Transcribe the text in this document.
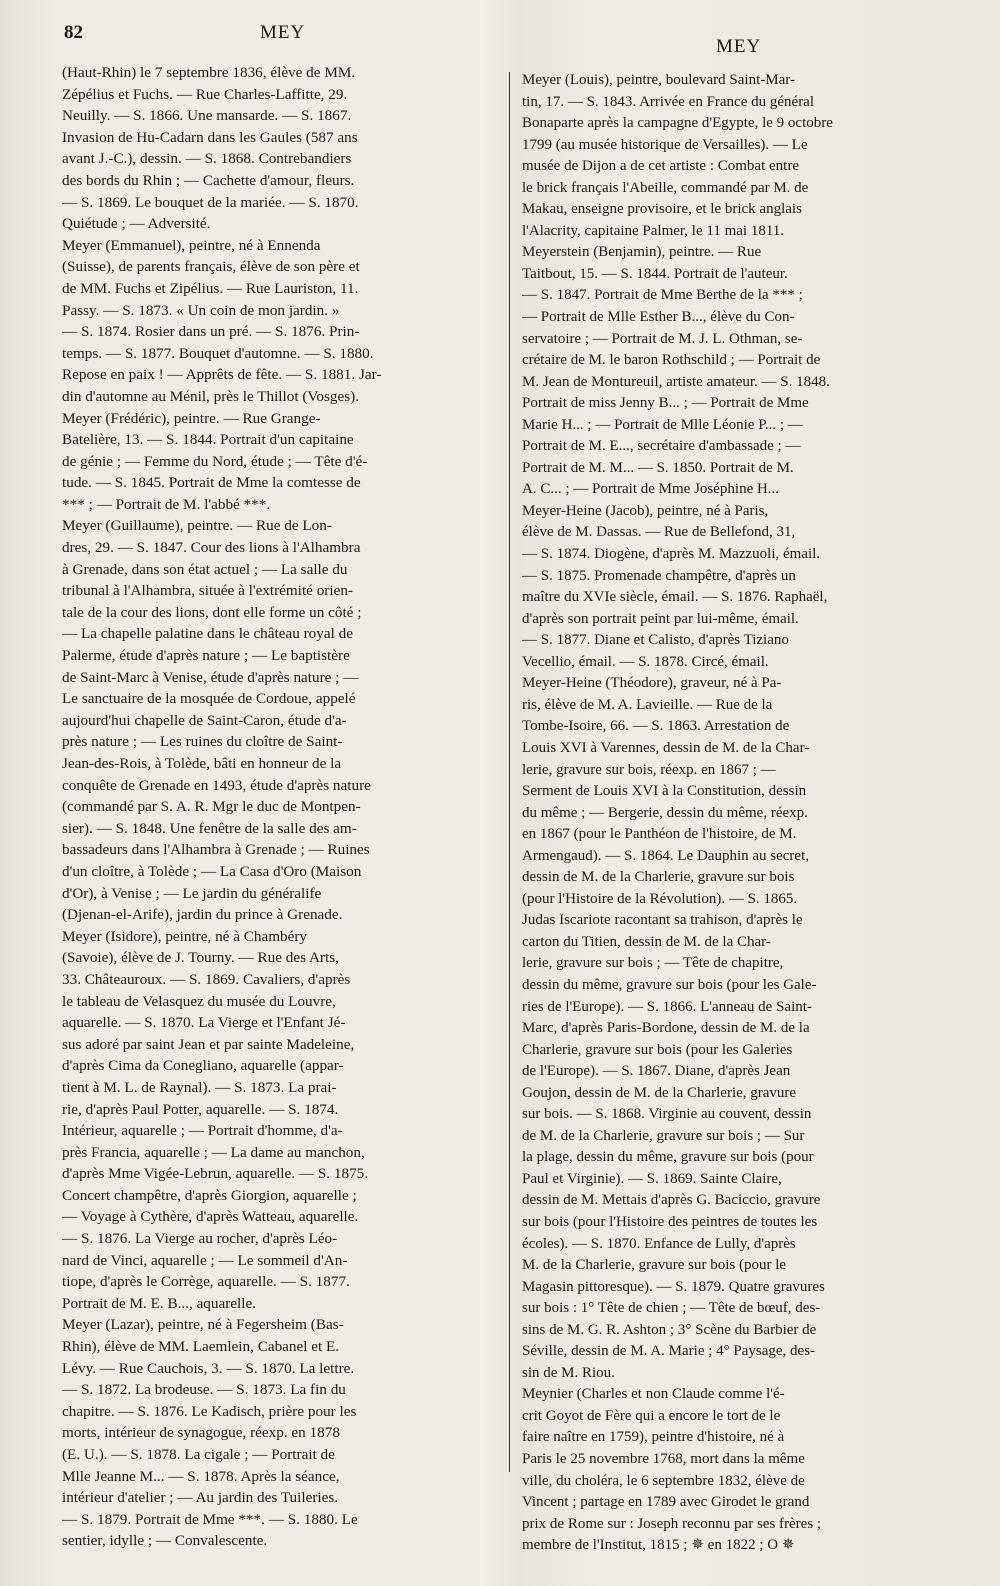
82	MEY
MEY
(Haut-Rhin) le 7 septembre 1836, élève de MM.
Zépélius et Fuchs. — Rue Charles-Laffitte, 29.
Neuilly. — S. 1866. Une mansarde. — S. 1867.
Invasion de Hu-Cadarn dans les Gaules (587 ans
avant J.-C.), dessin. — S. 1868. Contrebandiers
des bords du Rhin ; — Cachette d'amour, fleurs.
— S. 1869. Le bouquet de la mariée. — S. 1870.
Quiétude ; — Adversité.
Meyer (Emmanuel), peintre, né à Ennenda
(Suisse), de parents français, élève de son père et
de MM. Fuchs et Zipélius. — Rue Lauriston, 11.
Passy. — S. 1873. « Un coin de mon jardin. »
— S. 1874. Rosier dans un pré. — S. 1876. Prin-
temps. — S. 1877. Bouquet d'automne. — S. 1880.
Repose en paix ! — Apprêts de fête. — S. 1881. Jar-
din d'automne au Ménil, près le Thillot (Vosges).
Meyer (Frédéric), peintre. — Rue Grange-
Batelière, 13. — S. 1844. Portrait d'un capitaine
de génie ; — Femme du Nord, étude ; — Tête d'é-
tude. — S. 1845. Portrait de Mme la comtesse de
*** ; — Portrait de M. l'abbé ***.
Meyer (Guillaume), peintre. — Rue de Lon-
dres, 29. — S. 1847. Cour des lions à l'Alhambra
à Grenade, dans son état actuel ; — La salle du
tribunal à l'Alhambra, située à l'extrémité orien-
tale de la cour des lions, dont elle forme un côté ;
— La chapelle palatine dans le château royal de
Palerme, étude d'après nature ; — Le baptistère
de Saint-Marc à Venise, étude d'après nature ; —
Le sanctuaire de la mosquée de Cordoue, appelé
aujourd'hui chapelle de Saint-Caron, étude d'a-
près nature ; — Les ruines du cloître de Saint-
Jean-des-Rois, à Tolède, bâti en honneur de la
conquête de Grenade en 1493, étude d'après nature
(commandé par S. A. R. Mgr le duc de Montpen-
sier). — S. 1848. Une fenêtre de la salle des am-
bassadeurs dans l'Alhambra à Grenade ; — Ruines
d'un cloître, à Tolède ; — La Casa d'Oro (Maison
d'Or), à Venise ; — Le jardin du généralife
(Djenan-el-Arife), jardin du prince à Grenade.
Meyer (Isidore), peintre, né à Chambéry
(Savoie), élève de J. Tourny. — Rue des Arts,
33. Châteauroux. — S. 1869. Cavaliers, d'après
le tableau de Velasquez du musée du Louvre,
aquarelle. — S. 1870. La Vierge et l'Enfant Jé-
sus adoré par saint Jean et par sainte Madeleine,
d'après Cima da Conegliano, aquarelle (appar-
tient à M. L. de Raynal). — S. 1873. La prai-
rie, d'après Paul Potter, aquarelle. — S. 1874.
Intérieur, aquarelle ; — Portrait d'homme, d'a-
près Francia, aquarelle ; — La dame au manchon,
d'après Mme Vigée-Lebrun, aquarelle. — S. 1875.
Concert champêtre, d'après Giorgion, aquarelle ;
— Voyage à Cythère, d'après Watteau, aquarelle.
— S. 1876. La Vierge au rocher, d'après Léo-
nard de Vinci, aquarelle ; — Le sommeil d'An-
tiope, d'après le Corrège, aquarelle. — S. 1877.
Portrait de M. E. B..., aquarelle.
Meyer (Lazar), peintre, né à Fegersheim (Bas-
Rhin), élève de MM. Laemlein, Cabanel et E.
Lévy. — Rue Cauchois, 3. — S. 1870. La lettre.
— S. 1872. La brodeuse. — S. 1873. La fin du
chapitre. — S. 1876. Le Kadisch, prière pour les
morts, intérieur de synagogue, réexp. en 1878
(E. U.). — S. 1878. La cigale ; — Portrait de
Mlle Jeanne M... — S. 1878. Après la séance,
intérieur d'atelier ; — Au jardin des Tuileries.
— S. 1879. Portrait de Mme ***. — S. 1880. Le
sentier, idylle ; — Convalescente.
Meyer (Louis), peintre, boulevard Saint-Mar-
tin, 17. — S. 1843. Arrivée en France du général
Bonaparte après la campagne d'Egypte, le 9 octobre
1799 (au musée historique de Versailles). — Le
musée de Dijon a de cet artiste : Combat entre
le brick français l'Abeille, commandé par M. de
Makau, enseigne provisoire, et le brick anglais
l'Alacrity, capitaine Palmer, le 11 mai 1811.
Meyerstein (Benjamin), peintre. — Rue
Taitbout, 15. — S. 1844. Portrait de l'auteur.
— S. 1847. Portrait de Mme Berthe de la *** ;
— Portrait de Mlle Esther B..., élève du Con-
servatoire ; — Portrait de M. J. L. Othman, se-
crétaire de M. le baron Rothschild ; — Portrait de
M. Jean de Montureuil, artiste amateur. — S. 1848.
Portrait de miss Jenny B... ; — Portrait de Mme
Marie H... ; — Portrait de Mlle Léonie P... ; —
Portrait de M. E..., secrétaire d'ambassade ; —
Portrait de M. M... — S. 1850. Portrait de M.
A. C... ; — Portrait de Mme Joséphine H...
Meyer-Heine (Jacob), peintre, né à Paris,
élève de M. Dassas. — Rue de Bellefond, 31,
— S. 1874. Diogène, d'après M. Mazzuoli, émail.
— S. 1875. Promenade champêtre, d'après un
maître du XVIe siècle, émail. — S. 1876. Raphaël,
d'après son portrait peint par lui-même, émail.
— S. 1877. Diane et Calisto, d'après Tiziano
Vecellio, émail. — S. 1878. Circé, émail.
Meyer-Heine (Théodore), graveur, né à Pa-
ris, élève de M. A. Lavieille. — Rue de la
Tombe-Isoire, 66. — S. 1863. Arrestation de
Louis XVI à Varennes, dessin de M. de la Char-
lerie, gravure sur bois, réexp. en 1867 ; —
Serment de Louis XVI à la Constitution, dessin
du même ; — Bergerie, dessin du même, réexp.
en 1867 (pour le Panthéon de l'histoire, de M.
Armengaud). — S. 1864. Le Dauphin au secret,
dessin de M. de la Charlerie, gravure sur bois
(pour l'Histoire de la Révolution). — S. 1865.
Judas Iscariote racontant sa trahison, d'après le
carton du Titien, dessin de M. de la Char-
lerie, gravure sur bois ; — Tête de chapitre,
dessin du même, gravure sur bois (pour les Gale-
ries de l'Europe). — S. 1866. L'anneau de Saint-
Marc, d'après Paris-Bordone, dessin de M. de la
Charlerie, gravure sur bois (pour les Galeries
de l'Europe). — S. 1867. Diane, d'après Jean
Goujon, dessin de M. de la Charlerie, gravure
sur bois. — S. 1868. Virginie au couvent, dessin
de M. de la Charlerie, gravure sur bois ; — Sur
la plage, dessin du même, gravure sur bois (pour
Paul et Virginie). — S. 1869. Sainte Claire,
dessin de M. Mettais d'après G. Baciccio, gravure
sur bois (pour l'Histoire des peintres de toutes les
écoles). — S. 1870. Enfance de Lully, d'après
M. de la Charlerie, gravure sur bois (pour le
Magasin pittoresque). — S. 1879. Quatre gravures
sur bois : 1° Tête de chien ; — Tête de bœuf, des-
sins de M. G. R. Ashton ; 3° Scène du Barbier de
Séville, dessin de M. A. Marie ; 4° Paysage, des-
sin de M. Riou.
Meynier (Charles et non Claude comme l'é-
crit Goyot de Fère qui a encore le tort de le
faire naître en 1759), peintre d'histoire, né à
Paris le 25 novembre 1768, mort dans la même
ville, du choléra, le 6 septembre 1832, élève de
Vincent ; partage en 1789 avec Girodet le grand
prix de Rome sur : Joseph reconnu par ses frères ;
membre de l'Institut, 1815 ; ✵ en 1822 ; O ✵
